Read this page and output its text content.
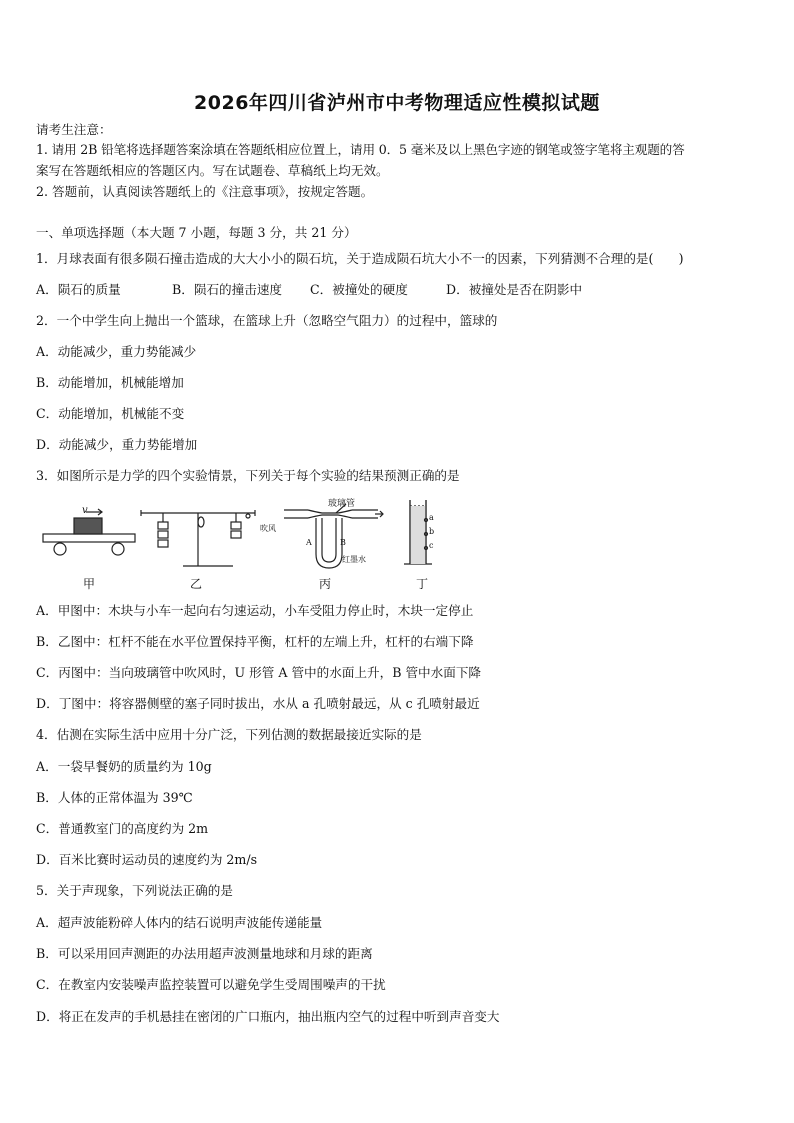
2026年四川省泸州市中考物理适应性模拟试题
请考生注意：
1. 请用 2B 铅笔将选择题答案涂填在答题纸相应位置上，请用 0．5 毫米及以上黑色字迹的钢笔或签字笔将主观题的答
案写在答题纸相应的答题区内。写在试题卷、草稿纸上均无效。
2. 答题前，认真阅读答题纸上的《注意事项》，按规定答题。
一、单项选择题（本大题 7 小题，每题 3 分，共 21 分）
1．月球表面有很多陨石撞击造成的大大小小的陨石坑，关于造成陨石坑大小不一的因素，下列猜测不合理的是(　　)
A．陨石的质量	B．陨石的撞击速度 C．被撞处的硬度	D．被撞处是否在阴影中
2．一个中学生向上抛出一个篮球，在篮球上升（忽略空气阻力）的过程中，篮球的
A．动能减少，重力势能减少
B．动能增加，机械能增加
C．动能增加，机械能不变
D．动能减少，重力势能增加
3．如图所示是力学的四个实验情景，下列关于每个实验的结果预测正确的是
v
玻璃管
吹风
A	B
红墨水
a
b
c
甲	乙	丙	丁
A．甲图中：木块与小车一起向右匀速运动，小车受阻力停止时，木块一定停止
B．乙图中：杠杆不能在水平位置保持平衡，杠杆的左端上升，杠杆的右端下降
C．丙图中：当向玻璃管中吹风时，U 形管 A 管中的水面上升，B 管中水面下降
D．丁图中：将容器侧壁的塞子同时拔出，水从 a 孔喷射最远，从 c 孔喷射最近
4．估测在实际生活中应用十分广泛，下列估测的数据最接近实际的是
A．一袋早餐奶的质量约为 10g
B．人体的正常体温为 39℃
C．普通教室门的高度约为 2m
D．百米比赛时运动员的速度约为 2m/s
5．关于声现象，下列说法正确的是
A．超声波能粉碎人体内的结石说明声波能传递能量
B．可以采用回声测距的办法用超声波测量地球和月球的距离
C．在教室内安装噪声监控装置可以避免学生受周围噪声的干扰
D．将正在发声的手机悬挂在密闭的广口瓶内，抽出瓶内空气的过程中听到声音变大
